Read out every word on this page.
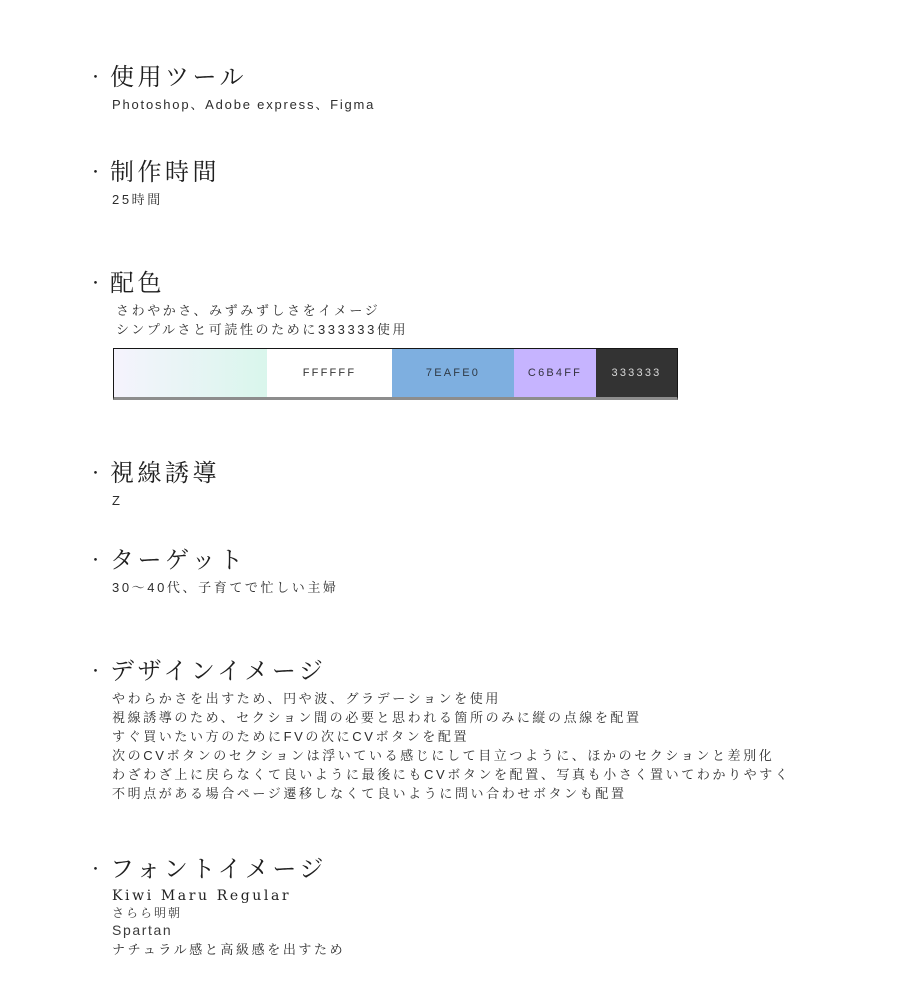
・ 使用ツール
Photoshop、Adobe express、Figma
・ 制作時間
25時間
・ 配色
さわやかさ、みずみずしさをイメージ
シンプルさと可読性のために333333使用
FFFFFF	7EAFE0	C6B4FF	333333
・ 視線誘導
Z
・ ターゲット
30〜40代、子育てで忙しい主婦
・ デザインイメージ
やわらかさを出すため、円や波、グラデーションを使用
視線誘導のため、セクション間の必要と思われる箇所のみに縦の点線を配置
すぐ買いたい方のためにFVの次にCVボタンを配置
次のCVボタンのセクションは浮いている感じにして目立つように、ほかのセクションと差別化
わざわざ上に戻らなくて良いように最後にもCVボタンを配置、写真も小さく置いてわかりやすく
不明点がある場合ページ遷移しなくて良いように問い合わせボタンも配置
・ フォントイメージ
Kiwi Maru Regular
さらら明朝
Spartan
ナチュラル感と高級感を出すため
